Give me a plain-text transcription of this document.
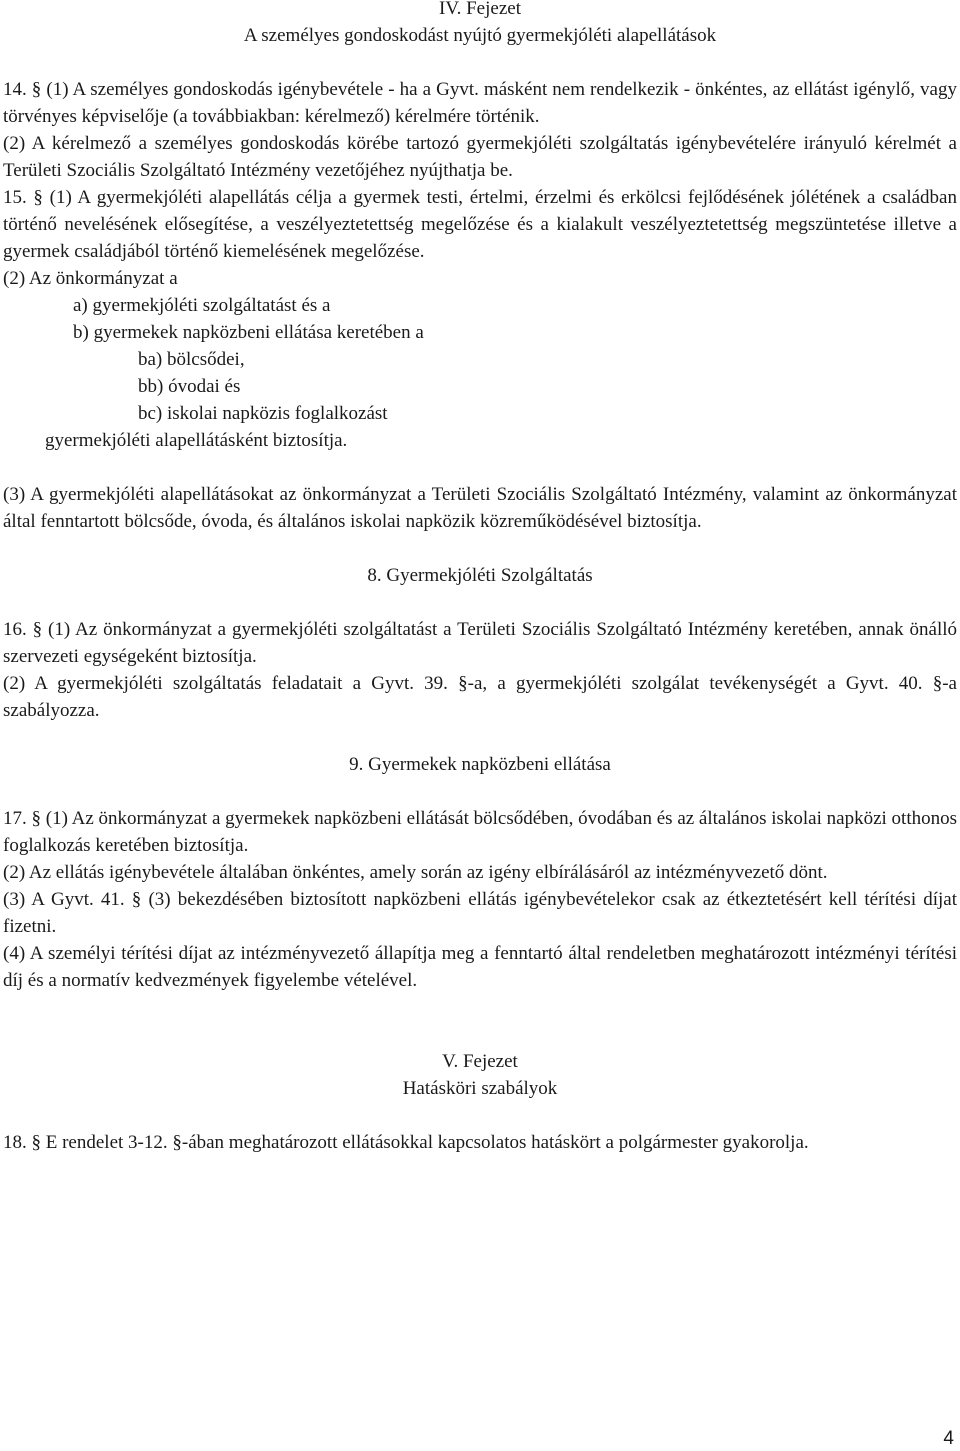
IV. Fejezet

A személyes gondoskodást nyújtó gyermekjóléti alapellátások

14. § (1) A személyes gondoskodás igénybevétele - ha a Gyvt. másként nem rendelkezik - önkéntes, az ellátást igénylő, vagy törvényes képviselője (a továbbiakban: kérelmező) kérelmére történik.

(2) A kérelmező a személyes gondoskodás körébe tartozó gyermekjóléti szolgáltatás igénybevételére irányuló kérelmét a Területi Szociális Szolgáltató Intézmény vezetőjéhez nyújthatja be.

15. § (1) A gyermekjóléti alapellátás célja a gyermek testi, értelmi, érzelmi és erkölcsi fejlődésének jólétének a családban történő nevelésének elősegítése, a veszélyeztetettség megelőzése és a kialakult veszélyeztetettség megszüntetése illetve a gyermek családjából történő kiemelésének megelőzése.

(2) Az önkormányzat a

a) gyermekjóléti szolgáltatást és a

b) gyermekek napközbeni ellátása keretében a

ba) bölcsődei,

bb) óvodai és

bc) iskolai napközis foglalkozást

gyermekjóléti alapellátásként biztosítja.

(3) A gyermekjóléti alapellátásokat az önkormányzat a Területi Szociális Szolgáltató Intézmény, valamint az önkormányzat által fenntartott bölcsőde, óvoda, és általános iskolai napközik közreműködésével biztosítja.

8. Gyermekjóléti Szolgáltatás

16. § (1) Az önkormányzat a gyermekjóléti szolgáltatást a Területi Szociális Szolgáltató Intézmény keretében, annak önálló szervezeti egységeként biztosítja.

(2) A gyermekjóléti szolgáltatás feladatait a Gyvt. 39. §-a, a gyermekjóléti szolgálat tevékenységét a Gyvt. 40. §-a szabályozza.

9. Gyermekek napközbeni ellátása

17. § (1) Az önkormányzat a gyermekek napközbeni ellátását bölcsődében, óvodában és az általános iskolai napközi otthonos foglalkozás keretében biztosítja.

(2) Az ellátás igénybevétele általában önkéntes, amely során az igény elbírálásáról az intézményvezető dönt.

(3) A Gyvt. 41. § (3) bekezdésében biztosított napközbeni ellátás igénybevételekor csak az étkeztetésért kell térítési díjat fizetni.

(4) A személyi térítési díjat az intézményvezető állapítja meg a fenntartó által rendeletben meghatározott intézményi térítési díj és a normatív kedvezmények figyelembe vételével.

V. Fejezet

Hatásköri szabályok

18. § E rendelet 3-12. §-ában meghatározott ellátásokkal kapcsolatos hatáskört a polgármester gyakorolja.

4
